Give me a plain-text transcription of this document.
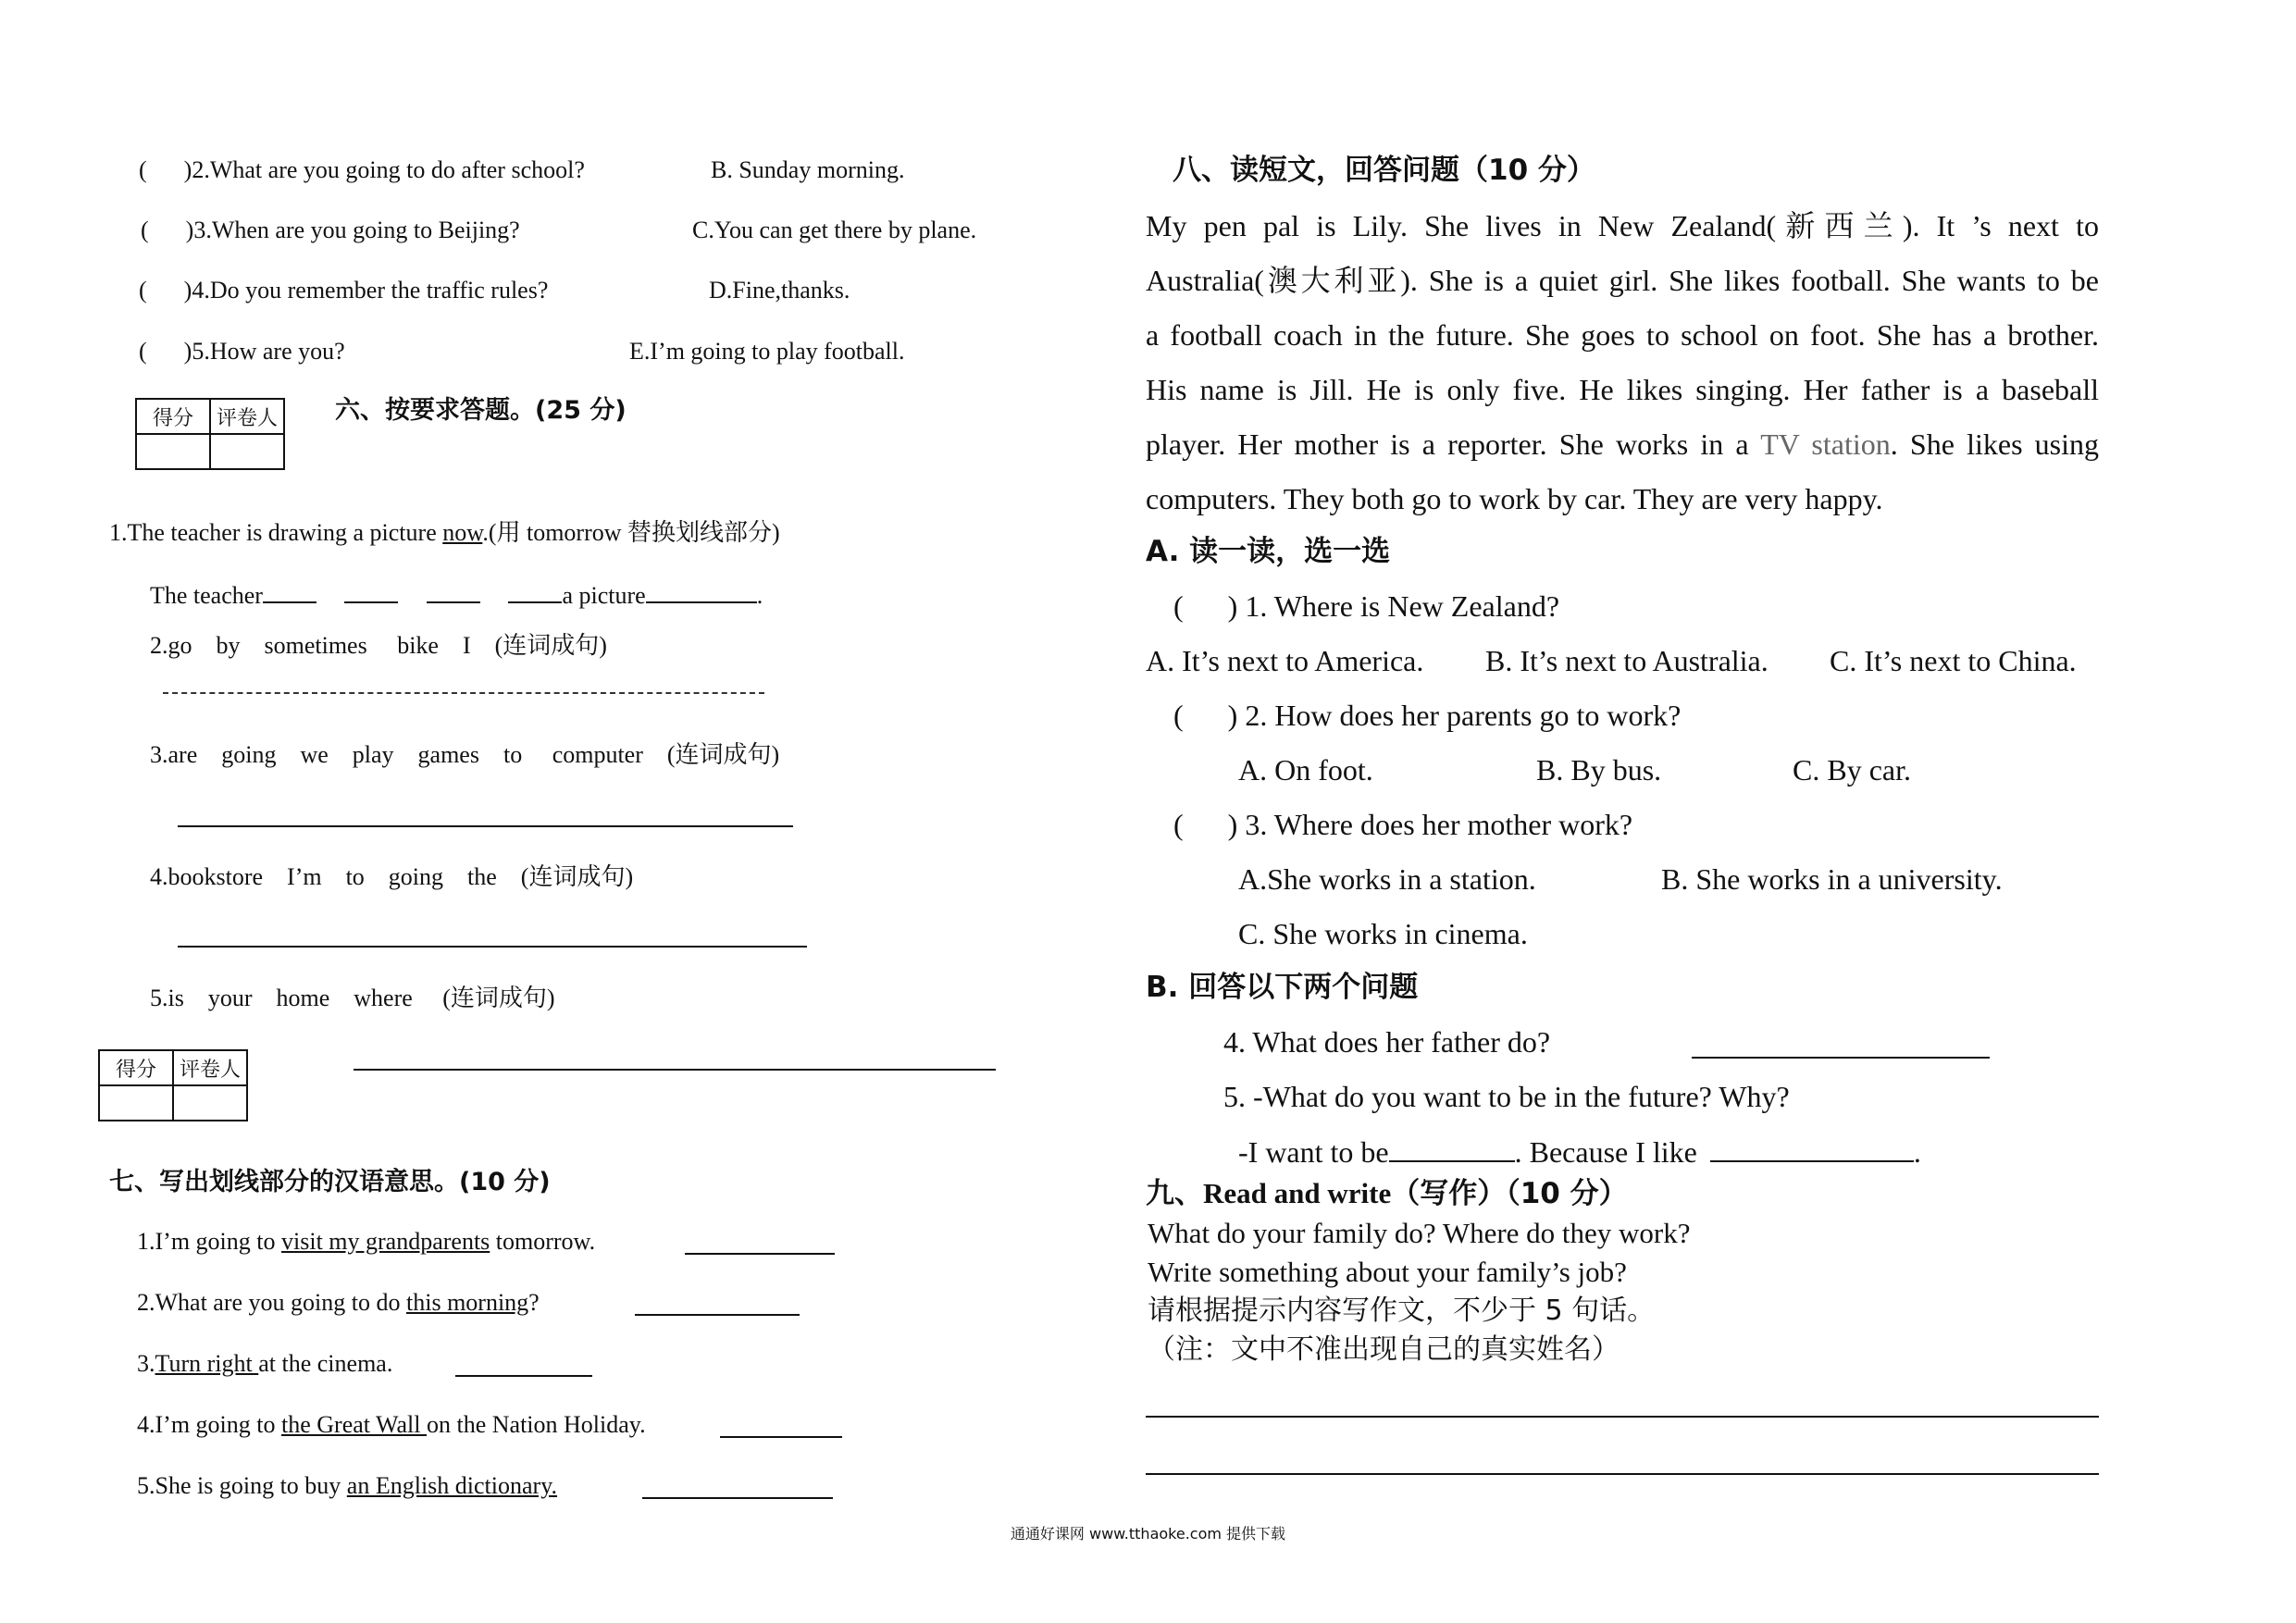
( )2.What are you going to do after school?	B. Sunday morning.
( )3.When are you going to Beijing?	C.You can get there by plane.
( )4.Do you remember the traffic rules?	D.Fine,thanks.
( )5.How are you?	E.I’m going to play football.
得分	评卷人
	六、按要求答题。(25 分)
1.The teacher is drawing a picture now.(用 tomorrow 替换划线部分)
The teacher	a picture	.
2.go    by    sometimes     bike    I    (连词成句)
3.are    going    we    play    games    to     computer    (连词成句)
4.bookstore    I’m    to    going    the    (连词成句)
5.is    your    home    where     (连词成句)
得分	评卷人

七、写出划线部分的汉语意思。(10 分)
1.I’m going to visit my grandparents tomorrow.
2.What are you going to do this morning?
3.Turn right at the cinema.
4.I’m going to the Great Wall on the Nation Holiday.
5.She is going to buy an English dictionary.
八、读短文，回答问题（10 分）
My pen pal is Lily. She lives in New Zealand(新西兰). It ’s next to
Australia(澳大利亚). She is a quiet girl. She likes football. She wants to be
a football coach in the future. She goes to school on foot. She has a brother.
His name is Jill. He is only five. He likes singing. Her father is a baseball
player. Her mother is a reporter. She works in a TV station. She likes using
computers. They both go to work by car. They are very happy.
A. 读一读，选一选
(      ) 1. Where is New Zealand?
A. It’s next to America. B. It’s next to Australia. C. It’s next to China.
(      ) 2. How does her parents go to work?
A. On foot.	B. By bus.	C. By car.
(      ) 3. Where does her mother work?
A.She works in a station.	B. She works in a university.
C. She works in cinema.
B. 回答以下两个问题
4. What does her father do?
5. -What do you want to be in the future? Why?
-I want to be	. Because I like	.
九、Read and write（写作）（10 分）
What do your family do? Where do they work?
Write something about your family’s job?
请根据提示内容写作文，不少于 5 句话。
（注：文中不准出现自己的真实姓名）
通通好课网 www.tthaoke.com 提供下载
